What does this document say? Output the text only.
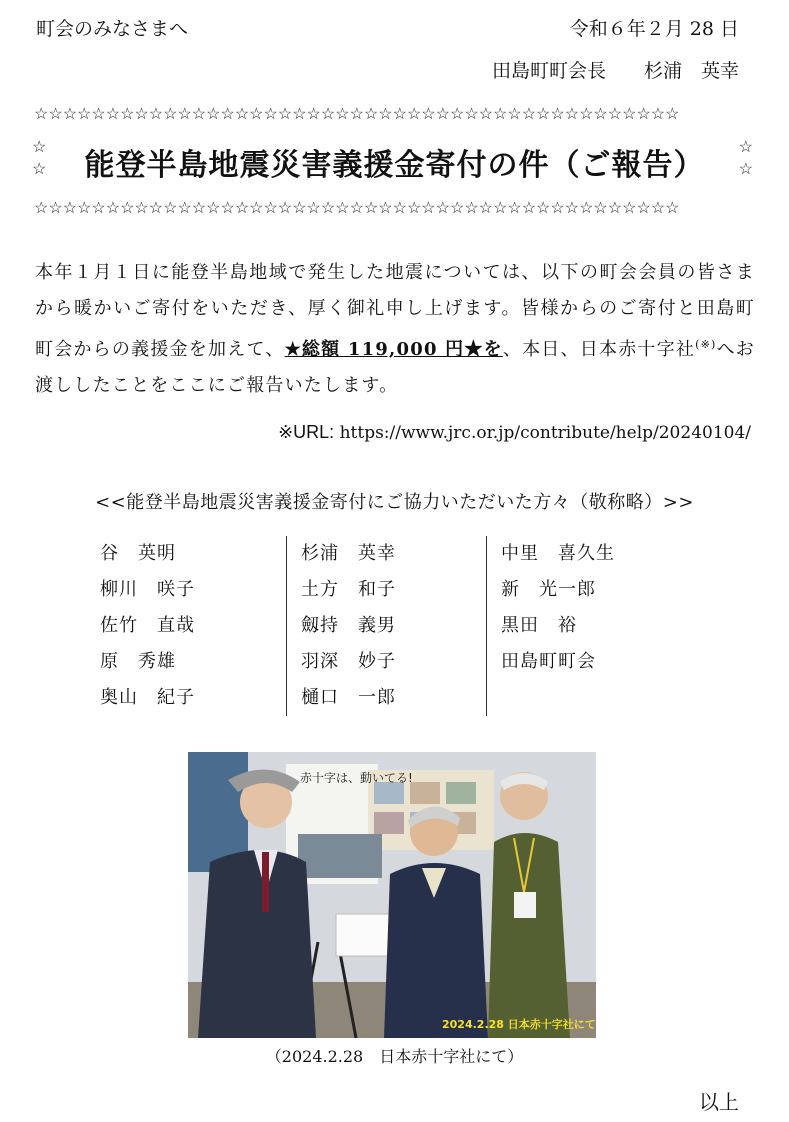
町会のみなさまへ	令和６年２月 28 日
田島町町会長　　杉浦　英幸
☆☆☆☆☆☆☆☆☆☆☆☆☆☆☆☆☆☆☆☆☆☆☆☆☆☆☆☆☆☆☆☆☆☆☆☆☆☆☆☆☆☆☆☆☆
☆
☆	能登半島地震災害義援金寄付の件（ご報告）
☆
☆
☆☆☆☆☆☆☆☆☆☆☆☆☆☆☆☆☆☆☆☆☆☆☆☆☆☆☆☆☆☆☆☆☆☆☆☆☆☆☆☆☆☆☆☆☆
本年１月１日に能登半島地域で発生した地震については、以下の町会会員の皆さまから暖かいご寄付をいただき、厚く御礼申し上げます。皆様からのご寄付と田島町町会からの義援金を加えて、★総額 119,000 円★を、本日、日本赤十字社(※)へお渡ししたことをここにご報告いたします。
※URL: https://www.jrc.or.jp/contribute/help/20240104/
<<能登半島地震災害義援金寄付にご協力いただいた方々（敬称略）>>
谷　英明
柳川　咲子
佐竹　直哉
原　秀雄
奥山　紀子
杉浦　英幸
土方　和子
劔持　義男
羽深　妙子
樋口　一郎
中里　喜久生
新　光一郎
黒田　裕
田島町町会
赤十字は、動いてる!
2024.2.28 日本赤十字社にて
（2024.2.28　日本赤十字社にて）
以上
